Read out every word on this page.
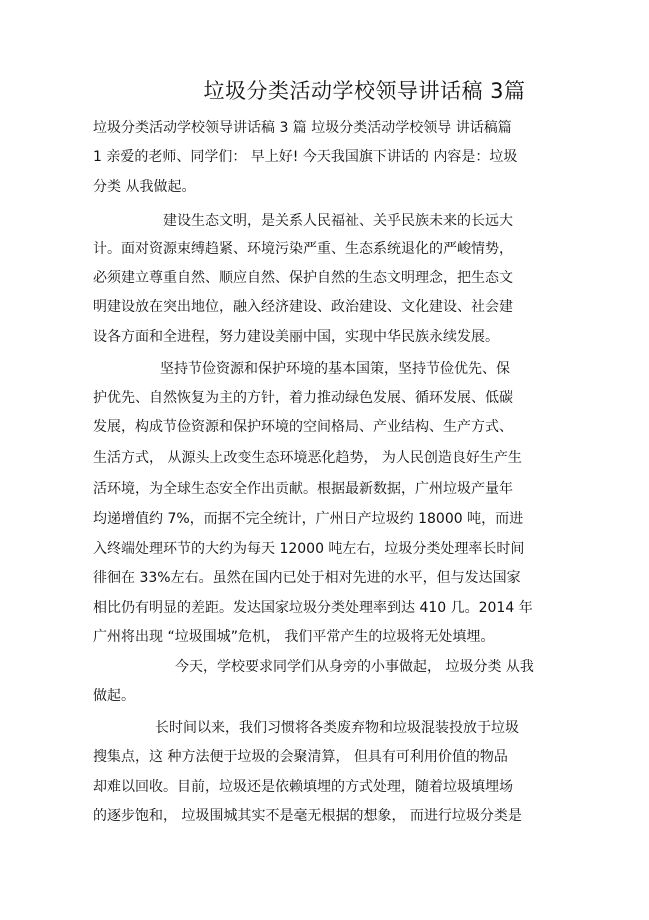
垃圾分类活动学校领导讲话稿 3篇
垃圾分类活动学校领导讲话稿 3 篇 垃圾分类活动学校领导 讲话稿篇
1 亲爱的老师、同学们： 早上好! 今天我国旗下讲话的 内容是：垃圾
分类 从我做起。
建设生态文明，是关系人民福祉、关乎民族未来的长远大
计。面对资源束缚趋紧、环境污染严重、生态系统退化的严峻情势，
必须建立尊重自然、顺应自然、保护自然的生态文明理念，把生态文
明建设放在突出地位，融入经济建设、政治建设、文化建设、社会建
设各方面和全进程，努力建设美丽中国，实现中华民族永续发展。
坚持节俭资源和保护环境的基本国策，坚持节俭优先、保
护优先、自然恢复为主的方针，着力推动绿色发展、循环发展、低碳
发展，构成节俭资源和保护环境的空间格局、产业结构、生产方式、
生活方式， 从源头上改变生态环境恶化趋势， 为人民创造良好生产生
活环境，为全球生态安全作出贡献。根据最新数据，广州垃圾产量年
均递增值约 7%，而据不完全统计，广州日产垃圾约 18000 吨，而进
入终端处理环节的大约为每天 12000 吨左右，垃圾分类处理率长时间
徘徊在 33%左右。虽然在国内已处于相对先进的水平，但与发达国家
相比仍有明显的差距。发达国家垃圾分类处理率到达 410 几。2014 年
广州将出现 “垃圾围城”危机， 我们平常产生的垃圾将无处填埋。
今天，学校要求同学们从身旁的小事做起， 垃圾分类 从我
做起。
长时间以来，我们习惯将各类废弃物和垃圾混装投放于垃圾
搜集点，这 种方法便于垃圾的会聚清算， 但具有可利用价值的物品
却难以回收。目前，垃圾还是依赖填埋的方式处理，随着垃圾填埋场
的逐步饱和， 垃圾围城其实不是毫无根据的想象， 而进行垃圾分类是
